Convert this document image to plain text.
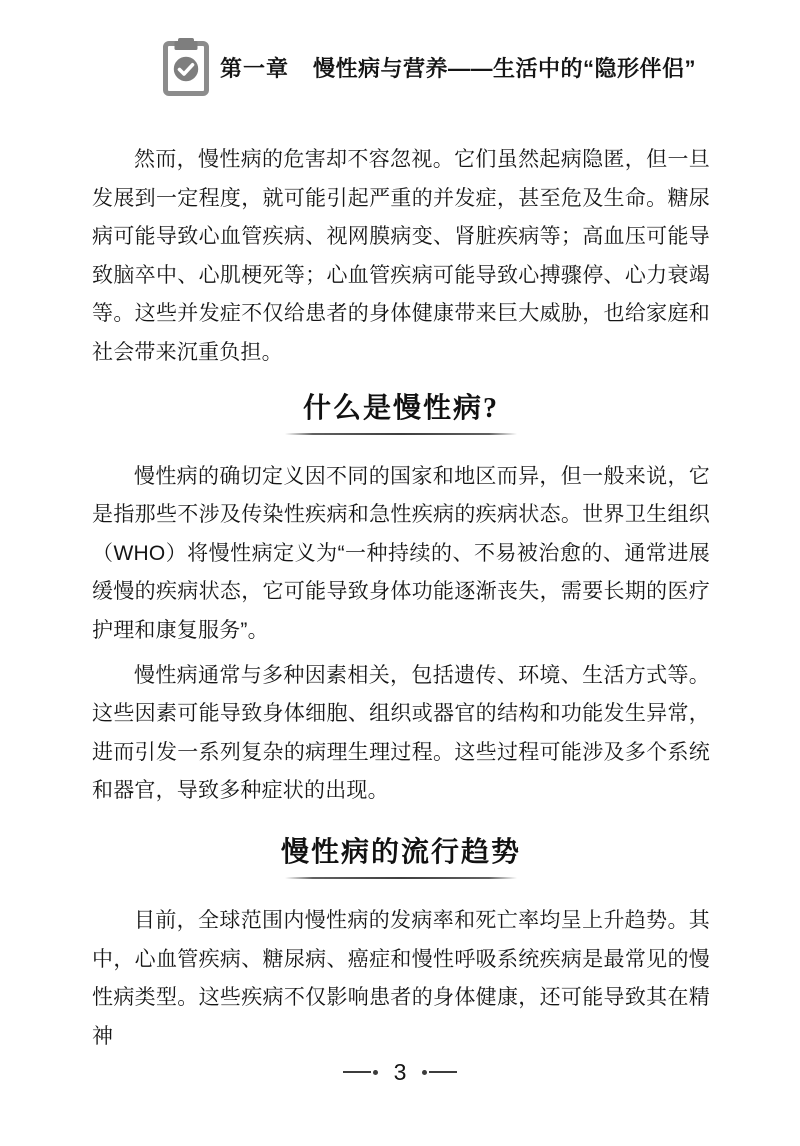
第一章 慢性病与营养——生活中的“隐形伴侣”

然而，慢性病的危害却不容忽视。它们虽然起病隐匿，但一旦发展到一定程度，就可能引起严重的并发症，甚至危及生命。糖尿病可能导致心血管疾病、视网膜病变、肾脏疾病等；高血压可能导致脑卒中、心肌梗死等；心血管疾病可能导致心搏骤停、心力衰竭等。这些并发症不仅给患者的身体健康带来巨大威胁，也给家庭和社会带来沉重负担。

什么是慢性病?

慢性病的确切定义因不同的国家和地区而异，但一般来说，它是指那些不涉及传染性疾病和急性疾病的疾病状态。世界卫生组织（WHO）将慢性病定义为“一种持续的、不易被治愈的、通常进展缓慢的疾病状态，它可能导致身体功能逐渐丧失，需要长期的医疗护理和康复服务”。

慢性病通常与多种因素相关，包括遗传、环境、生活方式等。这些因素可能导致身体细胞、组织或器官的结构和功能发生异常，进而引发一系列复杂的病理生理过程。这些过程可能涉及多个系统和器官，导致多种症状的出现。

慢性病的流行趋势

目前，全球范围内慢性病的发病率和死亡率均呈上升趋势。其中，心血管疾病、糖尿病、癌症和慢性呼吸系统疾病是最常见的慢性病类型。这些疾病不仅影响患者的身体健康，还可能导致其在精神

3
